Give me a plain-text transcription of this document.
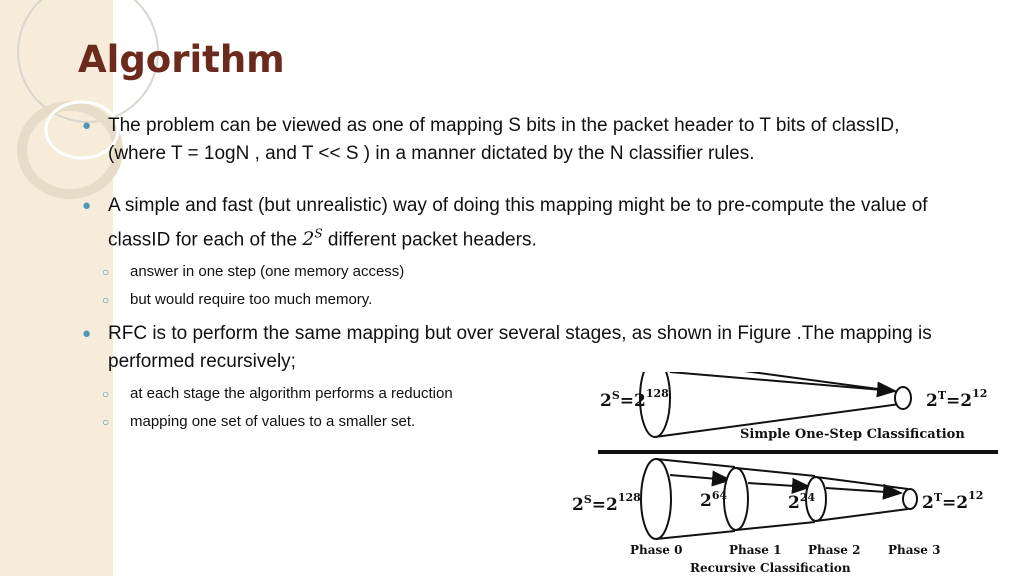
Algorithm
● The problem can be viewed as one of mapping S bits in the packet header to T bits of classID, (where T = 1ogN , and T << S ) in a manner dictated by the N classifier rules.
● A simple and fast (but unrealistic) way of doing this mapping might be to pre-compute the value of classID for each of the $2^S$ different packet headers.
○ answer in one step (one memory access)
○ but would require too much memory.
● RFC is to perform the same mapping but over several stages, as shown in Figure .The mapping is performed recursively;
○ at each stage the algorithm performs a reduction
○ mapping one set of values to a smaller set.
$2^S=2^{128}$	$2^T=2^{12}$
Simple One-Step Classification
$2^S=2^{128}$	$2^{64}$	$2^{24}$	$2^T=2^{12}$
Phase 0	Phase 1 Phase 2 Phase 3
Recursive Classification
